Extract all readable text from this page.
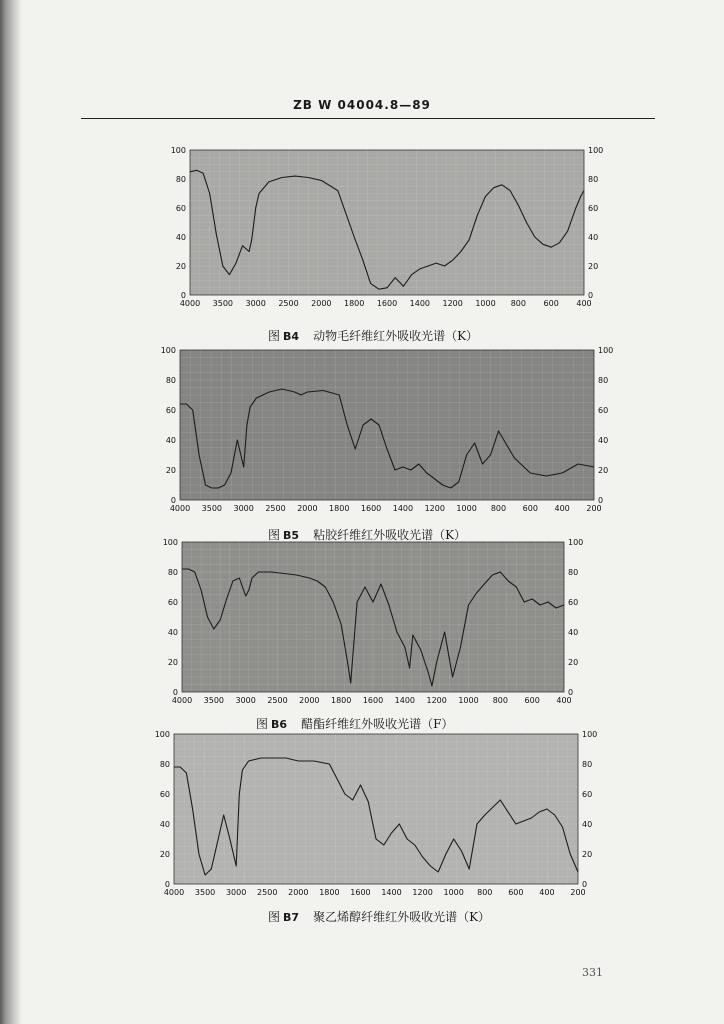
ZB W 04004.8—89
0
20
40
60
80
100
0
20
40
60
80
100
4000 3500 3000 2500 2000 1800 1600 1400 1200 1000 800 600 400
图 B4 动物毛纤维红外吸收光谱（K）
0
20
40
60
80
100
0
20
40
60
80
100
4000 3500 3000 2500 2000 1800 1600 1400 1200 1000 800 600 400 200
图 B5 粘胶纤维红外吸收光谱（K）
0
20
40
60
80
100
0
20
40
60
80
100
4000 3500 3000 2500 2000 1800 1600 1400 1200 1000 800 600 400
图 B6 醋酯纤维红外吸收光谱（F）
0
20
40
60
80
100
0
20
40
60
80
100
4000 3500 3000 2500 2000 1800 1600 1400 1200 1000 800 600 400 200
图 B7 聚乙烯醇纤维红外吸收光谱（K）
331
